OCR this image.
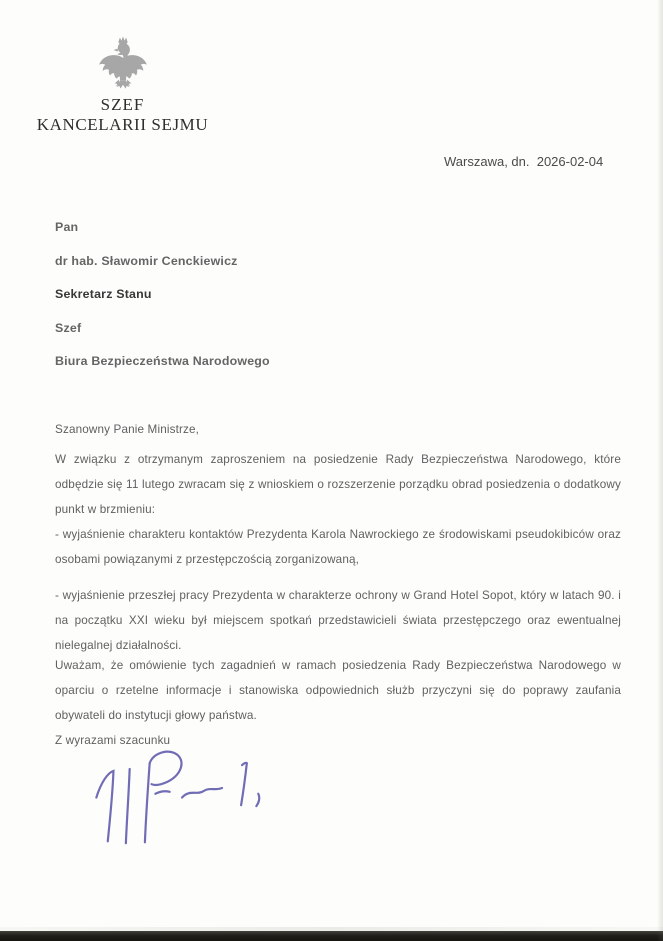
SZEF
KANCELARII SEJMU
Warszawa, dn.  2026-02-04
Pan
dr hab. Sławomir Cenckiewicz
Sekretarz Stanu
Szef
Biura Bezpieczeństwa Narodowego
Szanowny Panie Ministrze,
W związku z otrzymanym zaproszeniem na posiedzenie Rady Bezpieczeństwa Narodowego, które odbędzie się 11 lutego zwracam się z wnioskiem o rozszerzenie porządku obrad posiedzenia o dodatkowy punkt w brzmieniu:
- wyjaśnienie charakteru kontaktów Prezydenta Karola Nawrockiego ze środowiskami pseudokibiców oraz osobami powiązanymi z przestępczością zorganizowaną,
- wyjaśnienie przeszłej pracy Prezydenta w charakterze ochrony w Grand Hotel Sopot, który w latach 90. i na początku XXI wieku był miejscem spotkań przedstawicieli świata przestępczego oraz ewentualnej nielegalnej działalności.
Uważam, że omówienie tych zagadnień w ramach posiedzenia Rady Bezpieczeństwa Narodowego w oparciu o rzetelne informacje i stanowiska odpowiednich służb przyczyni się do poprawy zaufania obywateli do instytucji głowy państwa.
Z wyrazami szacunku
